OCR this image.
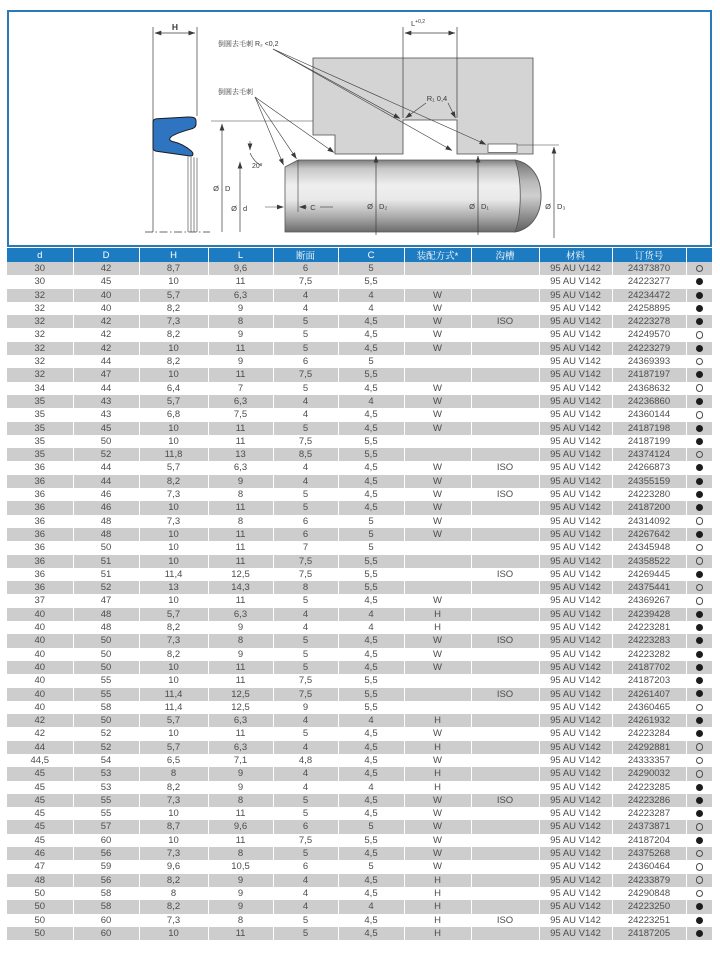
H	$L^{+0,2}$
R₁ 0,4
倒圆去毛刺 R₂ <0,2
倒圆去毛刺
20°
Ø D
Ø d	C	Ø D₂	Ø D₁	Ø D₃
d	D	H	L	断面	C	装配方式*	沟槽	材料	订货号	
30	42	8,7	9,6	6	5			95 AU V142	24373870	
30	45	10	11	7,5	5,5			95 AU V142	24223277	
32	40	5,7	6,3	4	4	W		95 AU V142	24234472	
32	40	8,2	9	4	4	W		95 AU V142	24258895	
32	42	7,3	8	5	4,5	W	ISO	95 AU V142	24223278	
32	42	8,2	9	5	4,5	W		95 AU V142	24249570	
32	42	10	11	5	4,5	W		95 AU V142	24223279	
32	44	8,2	9	6	5			95 AU V142	24369393	
32	47	10	11	7,5	5,5			95 AU V142	24187197	
34	44	6,4	7	5	4,5	W		95 AU V142	24368632	
35	43	5,7	6,3	4	4	W		95 AU V142	24236860	
35	43	6,8	7,5	4	4,5	W		95 AU V142	24360144	
35	45	10	11	5	4,5	W		95 AU V142	24187198	
35	50	10	11	7,5	5,5			95 AU V142	24187199	
35	52	11,8	13	8,5	5,5			95 AU V142	24374124	
36	44	5,7	6,3	4	4,5	W	ISO	95 AU V142	24266873	
36	44	8,2	9	4	4,5	W		95 AU V142	24355159	
36	46	7,3	8	5	4,5	W	ISO	95 AU V142	24223280	
36	46	10	11	5	4,5	W		95 AU V142	24187200	
36	48	7,3	8	6	5	W		95 AU V142	24314092	
36	48	10	11	6	5	W		95 AU V142	24267642	
36	50	10	11	7	5			95 AU V142	24345948	
36	51	10	11	7,5	5,5			95 AU V142	24358522	
36	51	11,4	12,5	7,5	5,5		ISO	95 AU V142	24269445	
36	52	13	14,3	8	5,5			95 AU V142	24375441	
37	47	10	11	5	4,5	W		95 AU V142	24369267	
40	48	5,7	6,3	4	4	H		95 AU V142	24239428	
40	48	8,2	9	4	4	H		95 AU V142	24223281	
40	50	7,3	8	5	4,5	W	ISO	95 AU V142	24223283	
40	50	8,2	9	5	4,5	W		95 AU V142	24223282	
40	50	10	11	5	4,5	W		95 AU V142	24187702	
40	55	10	11	7,5	5,5			95 AU V142	24187203	
40	55	11,4	12,5	7,5	5,5		ISO	95 AU V142	24261407	
40	58	11,4	12,5	9	5,5			95 AU V142	24360465	
42	50	5,7	6,3	4	4	H		95 AU V142	24261932	
42	52	10	11	5	4,5	W		95 AU V142	24223284	
44	52	5,7	6,3	4	4,5	H		95 AU V142	24292881	
44,5	54	6,5	7,1	4,8	4,5	W		95 AU V142	24333357	
45	53	8	9	4	4,5	H		95 AU V142	24290032	
45	53	8,2	9	4	4	H		95 AU V142	24223285	
45	55	7,3	8	5	4,5	W	ISO	95 AU V142	24223286	
45	55	10	11	5	4,5	W		95 AU V142	24223287	
45	57	8,7	9,6	6	5	W		95 AU V142	24373871	
45	60	10	11	7,5	5,5	W		95 AU V142	24187204	
46	56	7,3	8	5	4,5	W		95 AU V142	24375268	
47	59	9,6	10,5	6	5	W		95 AU V142	24360464	
48	56	8,2	9	4	4,5	H		95 AU V142	24233879	
50	58	8	9	4	4,5	H		95 AU V142	24290848	
50	58	8,2	9	4	4	H		95 AU V142	24223250	
50	60	7,3	8	5	4,5	H	ISO	95 AU V142	24223251	
50	60	10	11	5	4,5	H		95 AU V142	24187205	
